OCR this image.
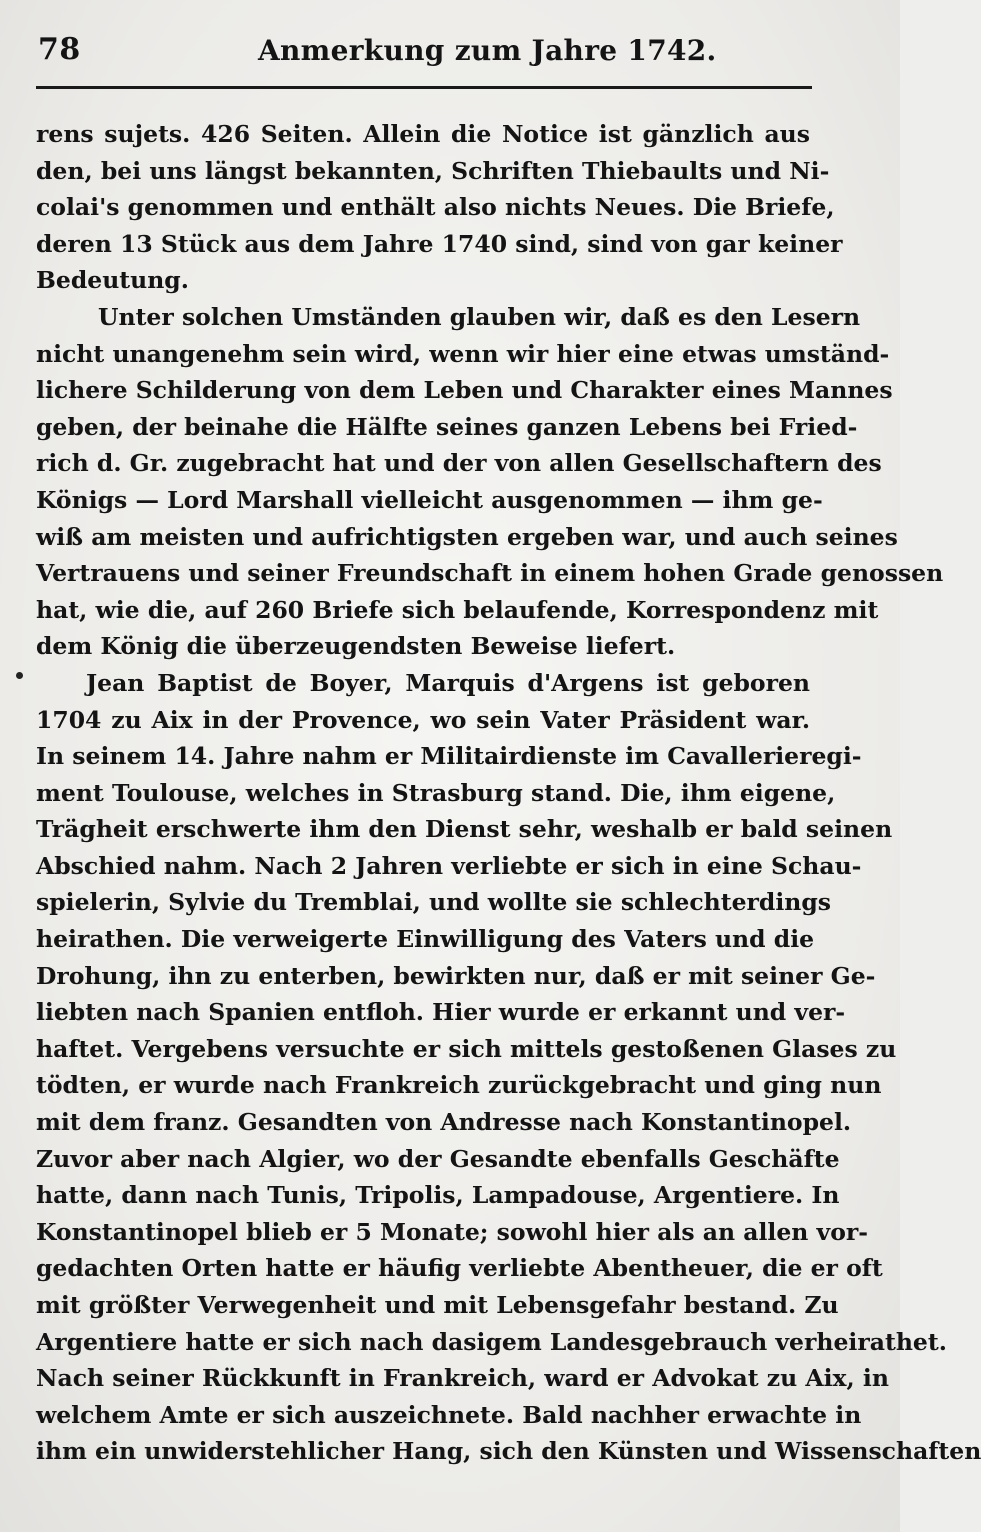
78	Anmerkung zum Jahre 1742.
rens sujets. 426 Seiten. Allein die Notice ist gänzlich aus
den, bei uns längst bekannten, Schriften Thiebaults und Ni-
colai's genommen und enthält also nichts Neues. Die Briefe,
deren 13 Stück aus dem Jahre 1740 sind, sind von gar keiner
Bedeutung.
Unter solchen Umständen glauben wir, daß es den Lesern
nicht unangenehm sein wird, wenn wir hier eine etwas umständ-
lichere Schilderung von dem Leben und Charakter eines Mannes
geben, der beinahe die Hälfte seines ganzen Lebens bei Fried-
rich d. Gr. zugebracht hat und der von allen Gesellschaftern des
Königs — Lord Marshall vielleicht ausgenommen — ihm ge-
wiß am meisten und aufrichtigsten ergeben war, und auch seines
Vertrauens und seiner Freundschaft in einem hohen Grade genossen
hat, wie die, auf 260 Briefe sich belaufende, Korrespondenz mit
dem König die überzeugendsten Beweise liefert.
Jean Baptist de Boyer, Marquis d'Argens ist geboren
1704 zu Aix in der Provence, wo sein Vater Präsident war.
In seinem 14. Jahre nahm er Militairdienste im Cavallerieregi-
ment Toulouse, welches in Strasburg stand. Die, ihm eigene,
Trägheit erschwerte ihm den Dienst sehr, weshalb er bald seinen
Abschied nahm. Nach 2 Jahren verliebte er sich in eine Schau-
spielerin, Sylvie du Tremblai, und wollte sie schlechterdings
heirathen. Die verweigerte Einwilligung des Vaters und die
Drohung, ihn zu enterben, bewirkten nur, daß er mit seiner Ge-
liebten nach Spanien entfloh. Hier wurde er erkannt und ver-
haftet. Vergebens versuchte er sich mittels gestoßenen Glases zu
tödten, er wurde nach Frankreich zurückgebracht und ging nun
mit dem franz. Gesandten von Andresse nach Konstantinopel.
Zuvor aber nach Algier, wo der Gesandte ebenfalls Geschäfte
hatte, dann nach Tunis, Tripolis, Lampadouse, Argentiere. In
Konstantinopel blieb er 5 Monate; sowohl hier als an allen vor-
gedachten Orten hatte er häufig verliebte Abentheuer, die er oft
mit größter Verwegenheit und mit Lebensgefahr bestand. Zu
Argentiere hatte er sich nach dasigem Landesgebrauch verheirathet.
Nach seiner Rückkunft in Frankreich, ward er Advokat zu Aix, in
welchem Amte er sich auszeichnete. Bald nachher erwachte in
ihm ein unwiderstehlicher Hang, sich den Künsten und Wissenschaften
